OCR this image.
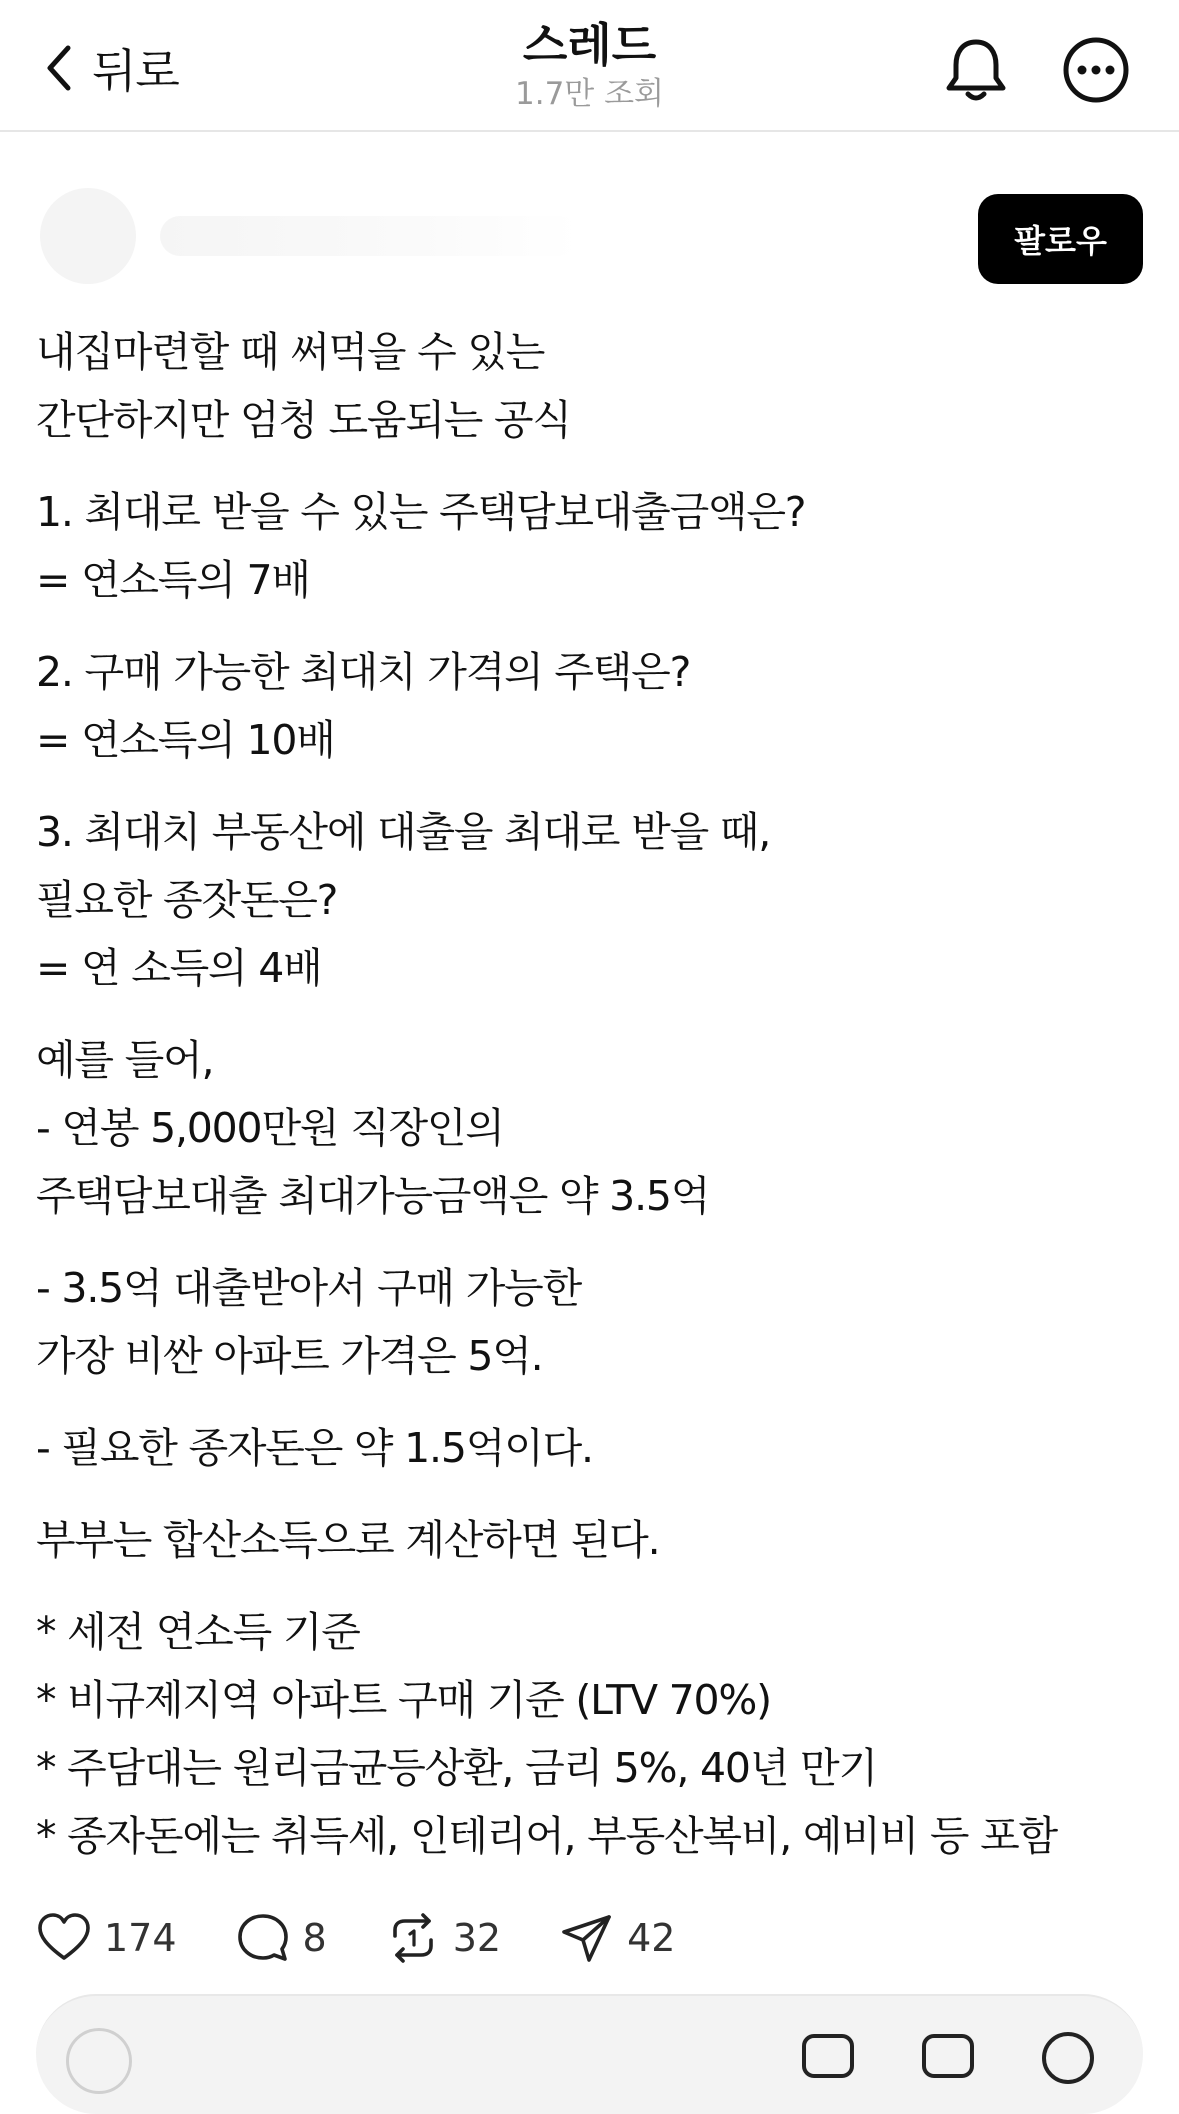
뒤로	스레드
1.7만 조회
팔로우
내집마련할 때 써먹을 수 있는
간단하지만 엄청 도움되는 공식
1. 최대로 받을 수 있는 주택담보대출금액은?
= 연소득의 7배
2. 구매 가능한 최대치 가격의 주택은?
= 연소득의 10배
3. 최대치 부동산에 대출을 최대로 받을 때,
필요한 종잣돈은?
= 연 소득의 4배
예를 들어,
- 연봉 5,000만원 직장인의
주택담보대출 최대가능금액은 약 3.5억
- 3.5억 대출받아서 구매 가능한
가장 비싼 아파트 가격은 5억.
- 필요한 종자돈은 약 1.5억이다.
부부는 합산소득으로 계산하면 된다.
* 세전 연소득 기준
* 비규제지역 아파트 구매 기준 (LTV 70%)
* 주담대는 원리금균등상환, 금리 5%, 40년 만기
* 종자돈에는 취득세, 인테리어, 부동산복비, 예비비 등 포함
174	8	32	42
